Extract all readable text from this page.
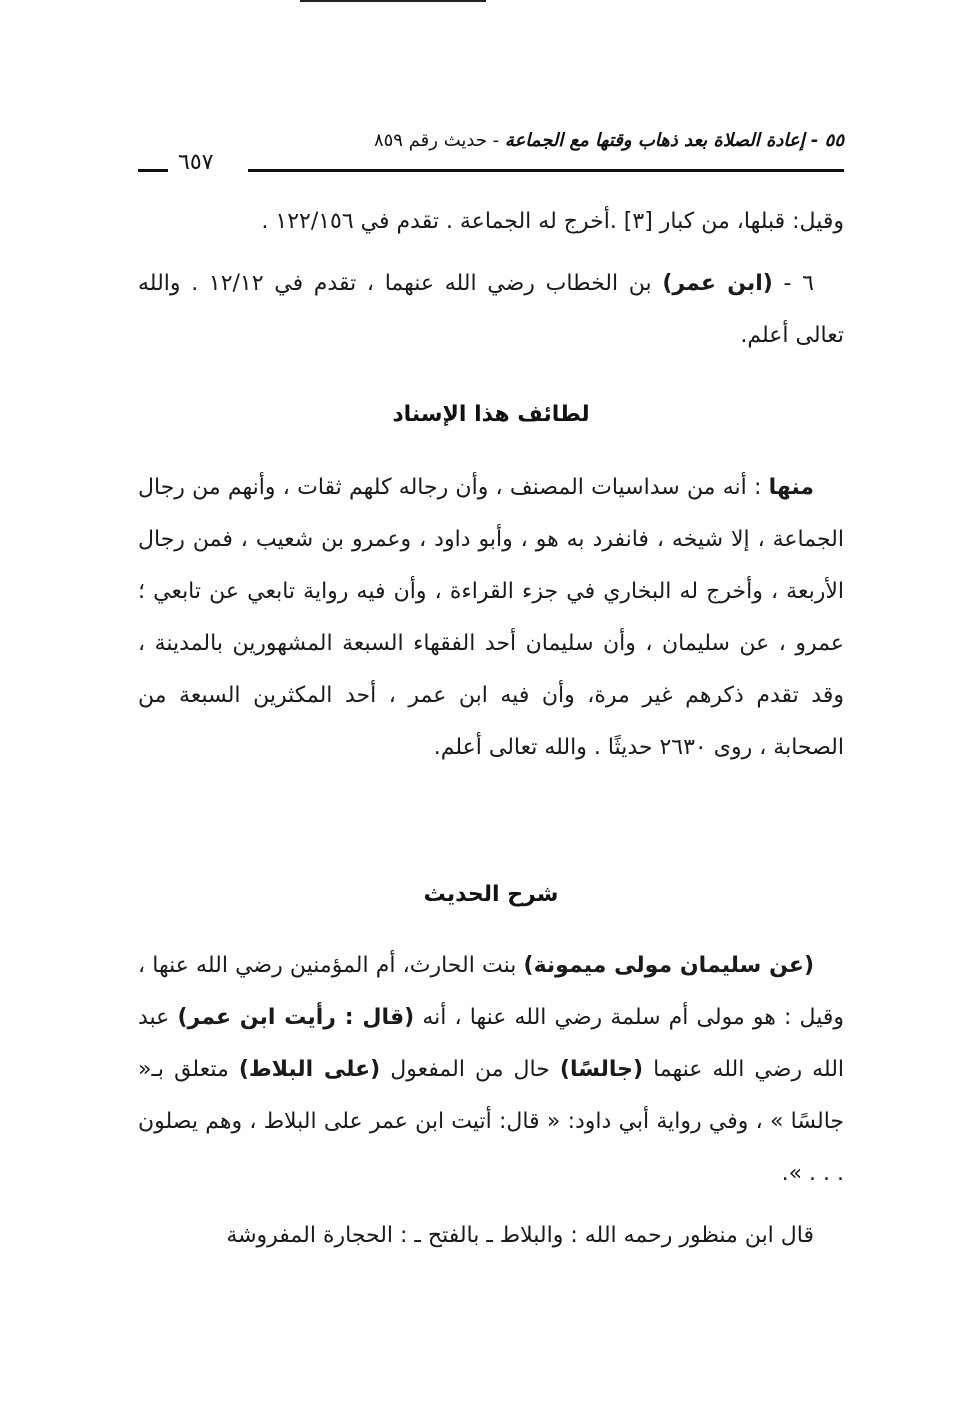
٥٥ - إعادة الصلاة بعد ذهاب وقتها مع الجماعة - حديث رقم ٨٥٩
٦٥٧

وقيل: قبلها، من كبار [٣] .أخرج له الجماعة . تقدم في ١٢٢/١٥٦ .

٦ - (ابن عمر) بن الخطاب رضي الله عنهما ، تقدم في ١٢/١٢ . والله تعالى أعلم.

لطائف هذا الإسناد

منها : أنه من سداسيات المصنف ، وأن رجاله كلهم ثقات ، وأنهم من رجال الجماعة ، إلا شيخه ، فانفرد به هو ، وأبو داود ، وعمرو بن شعيب ، فمن رجال الأربعة ، وأخرج له البخاري في جزء القراءة ، وأن فيه رواية تابعي عن تابعي ؛ عمرو ، عن سليمان ، وأن سليمان أحد الفقهاء السبعة المشهورين بالمدينة ، وقد تقدم ذكرهم غير مرة، وأن فيه ابن عمر ، أحد المكثرين السبعة من الصحابة ، روى ٢٦٣٠ حديثًا . والله تعالى أعلم.

شرح الحديث

(عن سليمان مولى ميمونة) بنت الحارث، أم المؤمنين رضي الله عنها ، وقيل : هو مولى أم سلمة رضي الله عنها ، أنه (قال : رأيت ابن عمر) عبد الله رضي الله عنهما (جالسًا) حال من المفعول (على البلاط) متعلق بـ« جالسًا » ، وفي رواية أبي داود: « قال: أتيت ابن عمر على البلاط ، وهم يصلون . . . ».

قال ابن منظور رحمه الله : والبلاط ـ بالفتح ـ : الحجارة المفروشة
